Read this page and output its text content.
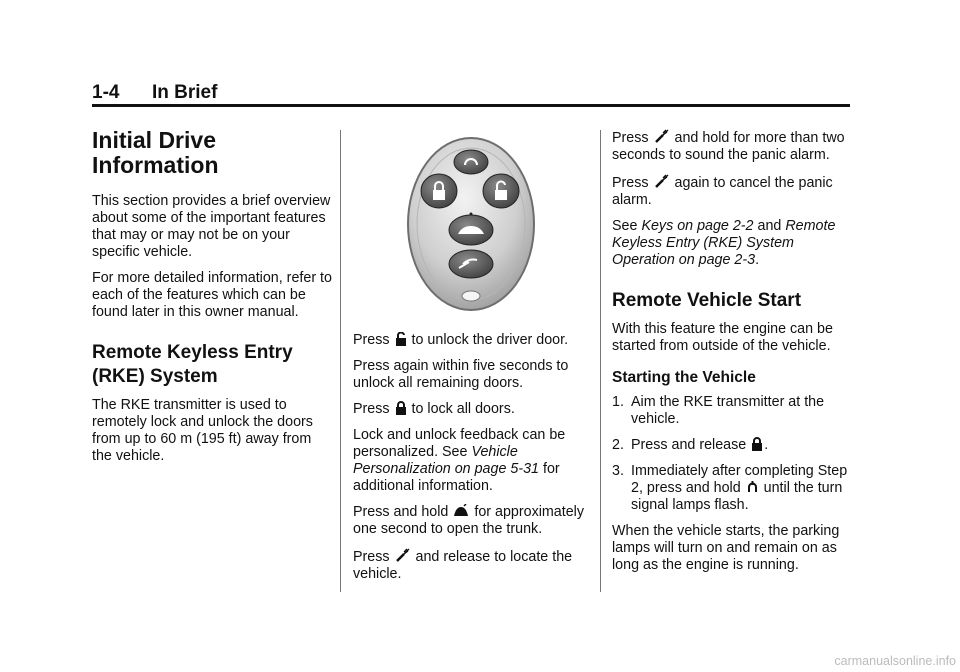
1-4 In Brief
Initial Drive Information

This section provides a brief overview about some of the important features that may or may not be on your specific vehicle.

For more detailed information, refer to each of the features which can be found later in this owner manual.

Remote Keyless Entry (RKE) System

The RKE transmitter is used to remotely lock and unlock the doors from up to 60 m (195 ft) away from the vehicle.

Press to unlock the driver door.

Press again within five seconds to unlock all remaining doors.

Press to lock all doors.

Lock and unlock feedback can be personalized. See Vehicle Personalization on page 5-31 for additional information.

Press and hold for approximately one second to open the trunk.

Press and release to locate the vehicle.

Press and hold for more than two seconds to sound the panic alarm.

Press again to cancel the panic alarm.

See Keys on page 2-2 and Remote Keyless Entry (RKE) System Operation on page 2-3.

Remote Vehicle Start

With this feature the engine can be started from outside of the vehicle.

Starting the Vehicle
1. Aim the RKE transmitter at the vehicle.
2. Press and release .
3. Immediately after completing Step 2, press and hold until the turn signal lamps flash.

When the vehicle starts, the parking lamps will turn on and remain on as long as the engine is running.

carmanualsonline.info
